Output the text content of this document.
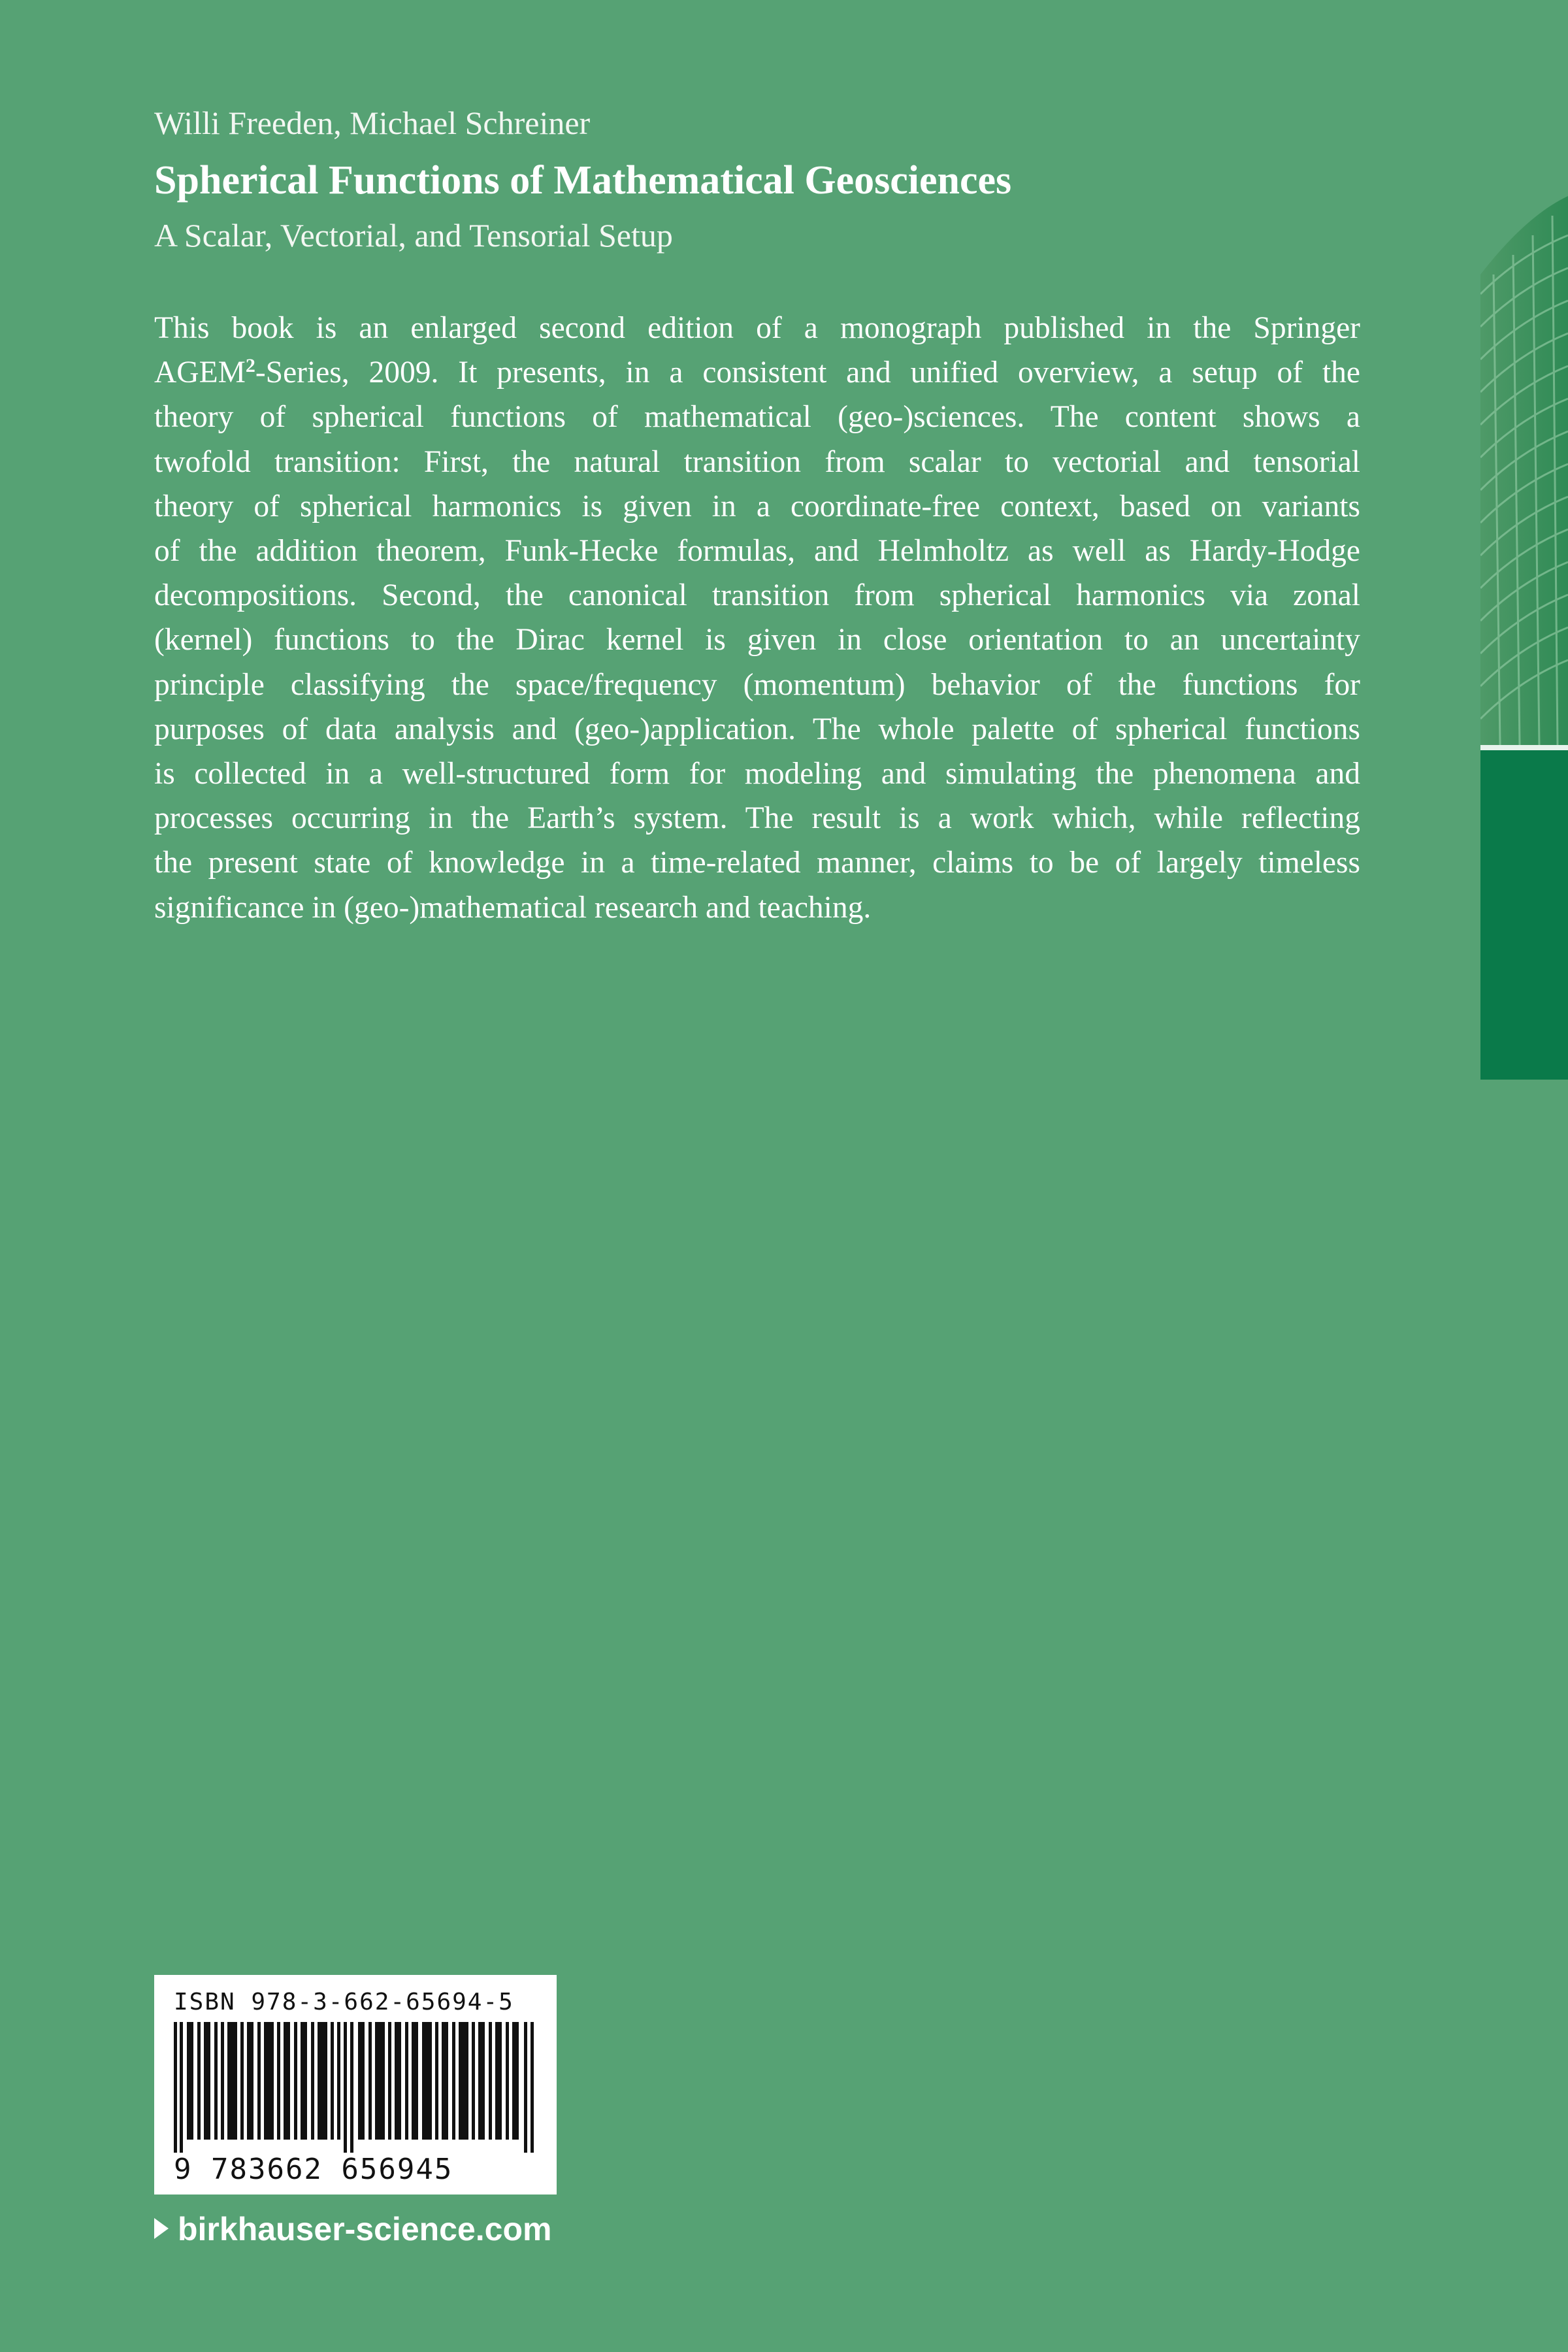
Willi Freeden, Michael Schreiner
Spherical Functions of Mathematical Geosciences
A Scalar, Vectorial, and Tensorial Setup
This book is an enlarged second edition of a monograph published in the Springer
AGEM$^2$-Series, 2009. It presents, in a consistent and unified overview, a setup of the
theory of spherical functions of mathematical (geo-)sciences. The content shows a
twofold transition: First, the natural transition from scalar to vectorial and tensorial
theory of spherical harmonics is given in a coordinate-free context, based on variants
of the addition theorem, Funk-Hecke formulas, and Helmholtz as well as Hardy-Hodge
decompositions. Second, the canonical transition from spherical harmonics via zonal
(kernel) functions to the Dirac kernel is given in close orientation to an uncertainty
principle classifying the space/frequency (momentum) behavior of the functions for
purposes of data analysis and (geo-)application. The whole palette of spherical functions
is collected in a well-structured form for modeling and simulating the phenomena and
processes occurring in the Earth’s system. The result is a work which, while reflecting
the present state of knowledge in a time-related manner, claims to be of largely timeless
significance in (geo-)mathematical research and teaching.
ISBN 978-3-662-65694-5
9 783662 656945
birkhauser-science.com
